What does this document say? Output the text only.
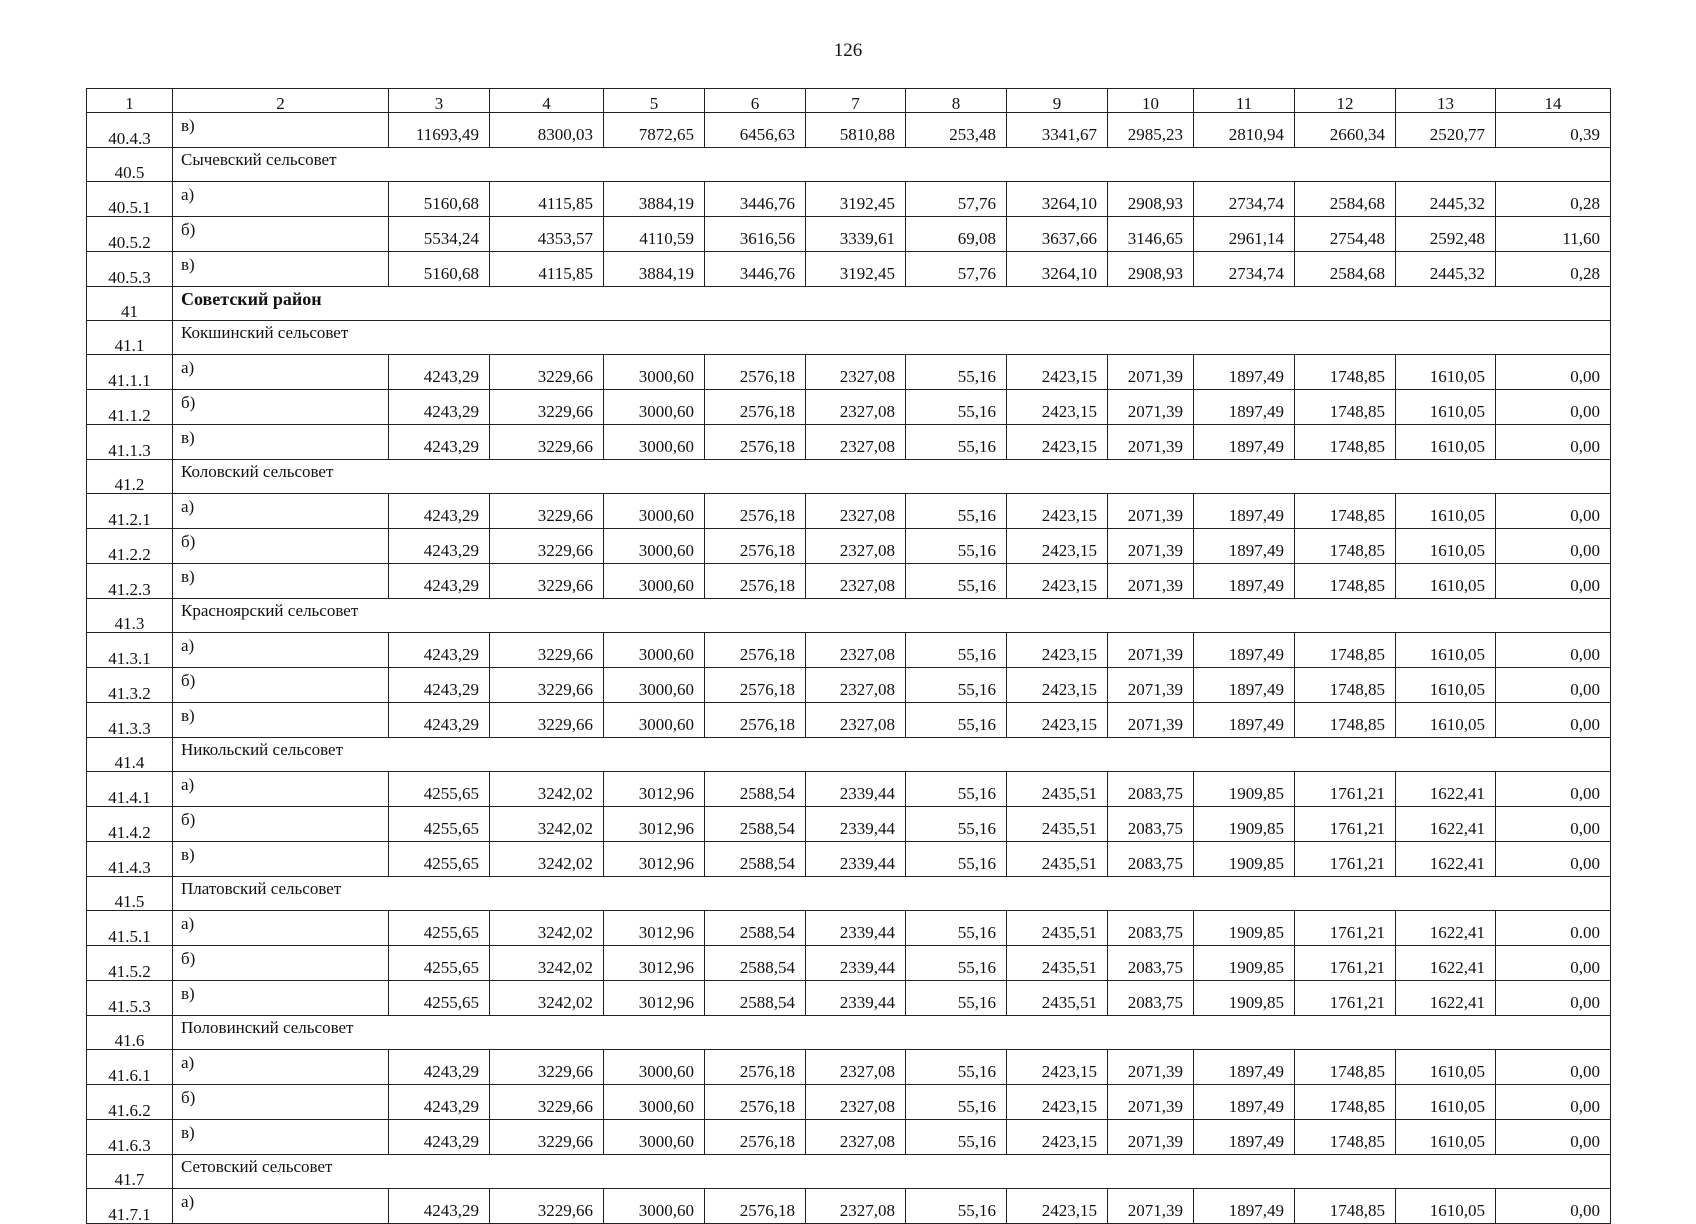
126
1	2	3	4	5	6	7	8	9	10	11	12	13	14
40.4.3	в)	11693,49	8300,03	7872,65	6456,63	5810,88	253,48	3341,67	2985,23	2810,94	2660,34	2520,77	0,39
40.5	Сычевский сельсовет												
40.5.1	а)	5160,68	4115,85	3884,19	3446,76	3192,45	57,76	3264,10	2908,93	2734,74	2584,68	2445,32	0,28
40.5.2	б)	5534,24	4353,57	4110,59	3616,56	3339,61	69,08	3637,66	3146,65	2961,14	2754,48	2592,48	11,60
40.5.3	в)	5160,68	4115,85	3884,19	3446,76	3192,45	57,76	3264,10	2908,93	2734,74	2584,68	2445,32	0,28
41	Советский район												
41.1	Кокшинский сельсовет												
41.1.1	а)	4243,29	3229,66	3000,60	2576,18	2327,08	55,16	2423,15	2071,39	1897,49	1748,85	1610,05	0,00
41.1.2	б)	4243,29	3229,66	3000,60	2576,18	2327,08	55,16	2423,15	2071,39	1897,49	1748,85	1610,05	0,00
41.1.3	в)	4243,29	3229,66	3000,60	2576,18	2327,08	55,16	2423,15	2071,39	1897,49	1748,85	1610,05	0,00
41.2	Коловский сельсовет												
41.2.1	а)	4243,29	3229,66	3000,60	2576,18	2327,08	55,16	2423,15	2071,39	1897,49	1748,85	1610,05	0,00
41.2.2	б)	4243,29	3229,66	3000,60	2576,18	2327,08	55,16	2423,15	2071,39	1897,49	1748,85	1610,05	0,00
41.2.3	в)	4243,29	3229,66	3000,60	2576,18	2327,08	55,16	2423,15	2071,39	1897,49	1748,85	1610,05	0,00
41.3	Красноярский сельсовет												
41.3.1	а)	4243,29	3229,66	3000,60	2576,18	2327,08	55,16	2423,15	2071,39	1897,49	1748,85	1610,05	0,00
41.3.2	б)	4243,29	3229,66	3000,60	2576,18	2327,08	55,16	2423,15	2071,39	1897,49	1748,85	1610,05	0,00
41.3.3	в)	4243,29	3229,66	3000,60	2576,18	2327,08	55,16	2423,15	2071,39	1897,49	1748,85	1610,05	0,00
41.4	Никольский сельсовет												
41.4.1	а)	4255,65	3242,02	3012,96	2588,54	2339,44	55,16	2435,51	2083,75	1909,85	1761,21	1622,41	0,00
41.4.2	б)	4255,65	3242,02	3012,96	2588,54	2339,44	55,16	2435,51	2083,75	1909,85	1761,21	1622,41	0,00
41.4.3	в)	4255,65	3242,02	3012,96	2588,54	2339,44	55,16	2435,51	2083,75	1909,85	1761,21	1622,41	0,00
41.5	Платовский сельсовет												
41.5.1	а)	4255,65	3242,02	3012,96	2588,54	2339,44	55,16	2435,51	2083,75	1909,85	1761,21	1622,41	0.00
41.5.2	б)	4255,65	3242,02	3012,96	2588,54	2339,44	55,16	2435,51	2083,75	1909,85	1761,21	1622,41	0,00
41.5.3	в)	4255,65	3242,02	3012,96	2588,54	2339,44	55,16	2435,51	2083,75	1909,85	1761,21	1622,41	0,00
41.6	Половинский сельсовет												
41.6.1	а)	4243,29	3229,66	3000,60	2576,18	2327,08	55,16	2423,15	2071,39	1897,49	1748,85	1610,05	0,00
41.6.2	б)	4243,29	3229,66	3000,60	2576,18	2327,08	55,16	2423,15	2071,39	1897,49	1748,85	1610,05	0,00
41.6.3	в)	4243,29	3229,66	3000,60	2576,18	2327,08	55,16	2423,15	2071,39	1897,49	1748,85	1610,05	0,00
41.7	Сетовский сельсовет												
41.7.1	а)	4243,29	3229,66	3000,60	2576,18	2327,08	55,16	2423,15	2071,39	1897,49	1748,85	1610,05	0,00
